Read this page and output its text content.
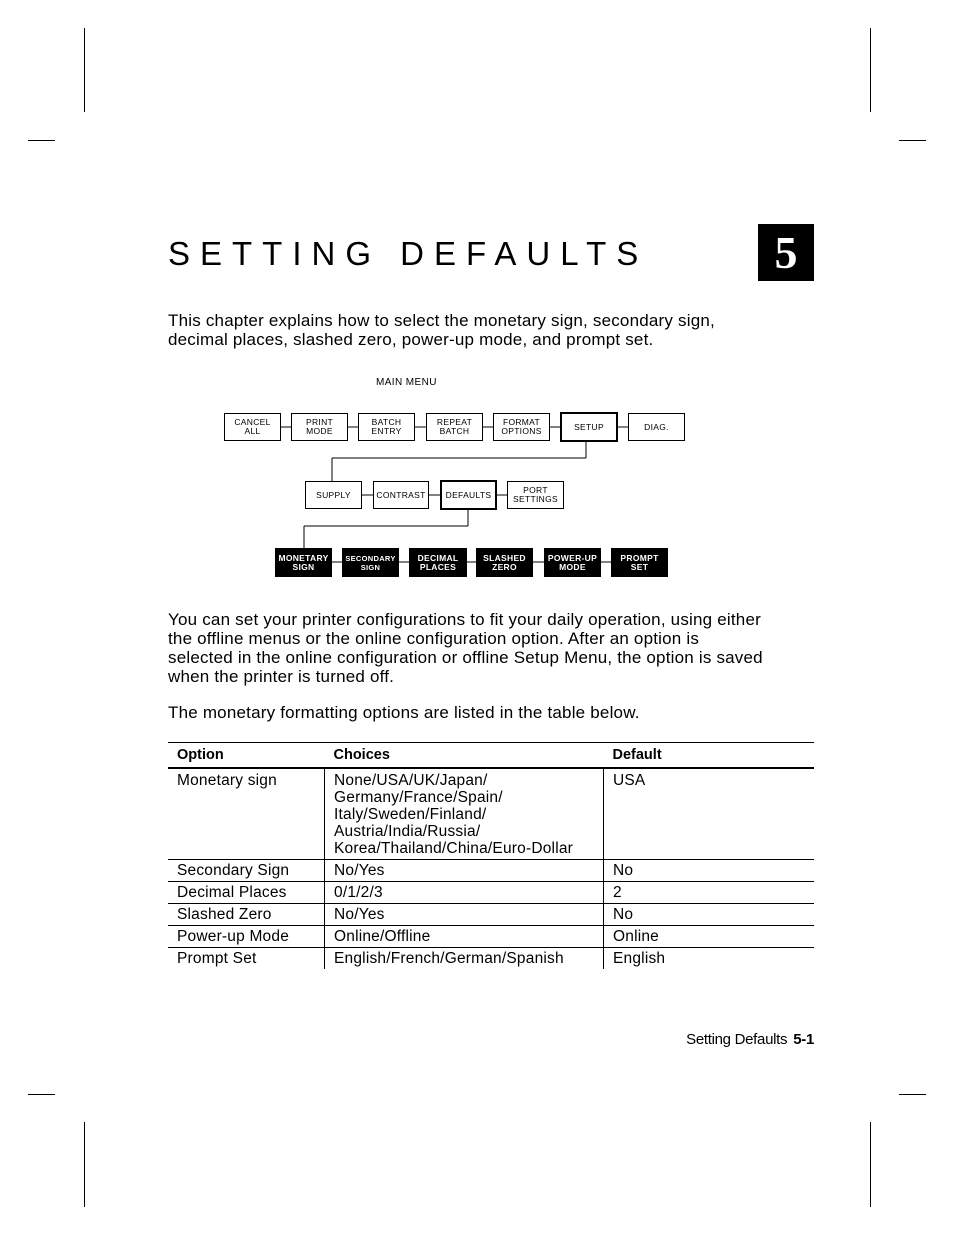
SETTING DEFAULTS	5

This chapter explains how to select the monetary sign, secondary sign, decimal places, slashed zero, power-up mode, and prompt set.

MAIN MENU
CANCEL
ALL
PRINT
MODE
BATCH
ENTRY
REPEAT
BATCH
FORMAT
OPTIONS	SETUP	DIAG.
SUPPLY	CONTRAST DEFAULTS	PORT
SETTINGS
MONETARY
SIGN
SECONDARY
SIGN
DECIMAL
PLACES
SLASHED
ZERO
POWER-UP
MODE
PROMPT
SET

You can set your printer configurations to fit your daily operation, using either the offline menus or the online configuration option. After an option is selected in the online configuration or offline Setup Menu, the option is saved when the printer is turned off.

The monetary formatting options are listed in the table below.

Option	Choices	Default
Monetary sign	None/USA/UK/Japan/
Germany/France/Spain/
Italy/Sweden/Finland/
Austria/India/Russia/
Korea/Thailand/China/Euro-Dollar	USA
Secondary Sign	No/Yes	No
Decimal Places	0/1/2/3	2
Slashed Zero	No/Yes	No
Power-up Mode	Online/Offline	Online
Prompt Set	English/French/German/Spanish	English
Setting Defaults 5-1
